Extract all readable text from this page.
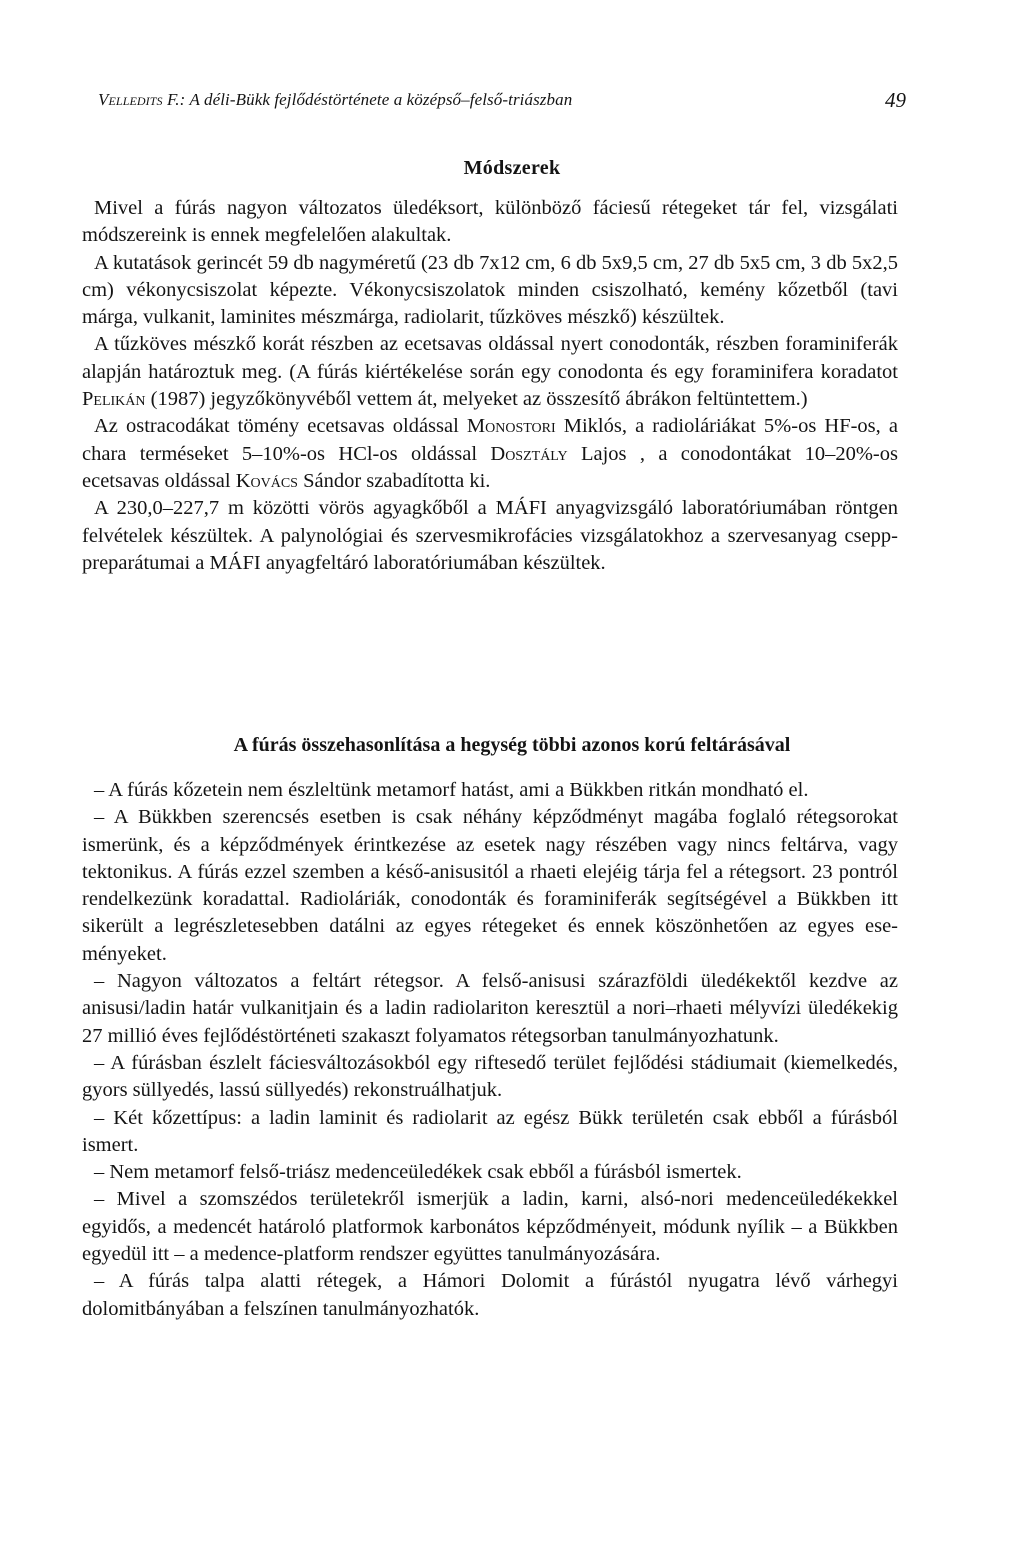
Velledits F.: A déli-Bükk fejlődéstörténete a középső–felső-triászban	49
Módszerek

Mivel a fúrás nagyon változatos üledéksort, különböző fáciesű rétegeket tár fel, vizsgálati módszereink is ennek megfelelően alakultak.

A kutatások gerincét 59 db nagyméretű (23 db 7x12 cm, 6 db 5x9,5 cm, 27 db 5x5 cm, 3 db 5x2,5 cm) vékonycsiszolat képezte. Vékonycsiszolatok minden csiszolható, kemény kőzetből (tavi márga, vulkanit, laminites mészmárga, radiolarit, tűzköves mészkő) készültek.

A tűzköves mészkő korát részben az ecetsavas oldással nyert conodonták, részben foraminiferák alapján határoztuk meg. (A fúrás kiértékelése során egy conodonta és egy foraminifera koradatot Pelikán (1987) jegyzőkönyvéből vettem át, melyeket az összesítő ábrákon feltüntettem.)

Az ostracodákat tömény ecetsavas oldással Monostori Miklós, a radioláriákat 5%-os HF-os, a chara terméseket 5–10%-os HCl-os oldással Dosztály Lajos , a conodontákat 10–20%-os ecetsavas oldással Kovács Sándor szabadította ki.

A 230,0–227,7 m közötti vörös agyagkőből a MÁFI anyagvizsgáló laboratóriumában röntgen felvételek készültek. A palynológiai és szervesmikrofácies vizsgálatokhoz a szervesanyag csepp-preparátumai a MÁFI anyagfeltáró laboratóriumában készültek.

A fúrás összehasonlítása a hegység többi azonos korú feltárásával

– A fúrás kőzetein nem észleltünk metamorf hatást, ami a Bükkben ritkán mondható el.

– A Bükkben szerencsés esetben is csak néhány képződményt magába foglaló rétegsorokat ismerünk, és a képződmények érintkezése az esetek nagy részében vagy nincs feltárva, vagy tektonikus. A fúrás ezzel szemben a késő-anisusitól a rhaeti elejéig tárja fel a rétegsort. 23 pontról rendelkezünk koradattal. Radioláriák, conodonták és foraminiferák segítségével a Bükkben itt sikerült a legrészletesebben datálni az egyes rétegeket és ennek köszönhetően az egyes eseményeket.

– Nagyon változatos a feltárt rétegsor. A felső-anisusi szárazföldi üledékektől kezdve az anisusi/ladin határ vulkanitjain és a ladin radiolariton keresztül a nori–rhaeti mélyvízi üledékekig 27 millió éves fejlődéstörténeti szakaszt folyamatos rétegsorban tanulmányozhatunk.

– A fúrásban észlelt fáciesváltozásokból egy riftesedő terület fejlődési stádiumait (kiemelkedés, gyors süllyedés, lassú süllyedés) rekonstruálhatjuk.

– Két kőzettípus: a ladin laminit és radiolarit az egész Bükk területén csak ebből a fúrásból ismert.

– Nem metamorf felső-triász medenceüledékek csak ebből a fúrásból ismertek.

– Mivel a szomszédos területekről ismerjük a ladin, karni, alsó-nori medenceüledékekkel egyidős, a medencét határoló platformok karbonátos képződményeit, módunk nyílik – a Bükkben egyedül itt – a medence-platform rendszer együttes tanulmányozására.

– A fúrás talpa alatti rétegek, a Hámori Dolomit a fúrástól nyugatra lévő várhegyi dolomitbányában a felszínen tanulmányozhatók.
